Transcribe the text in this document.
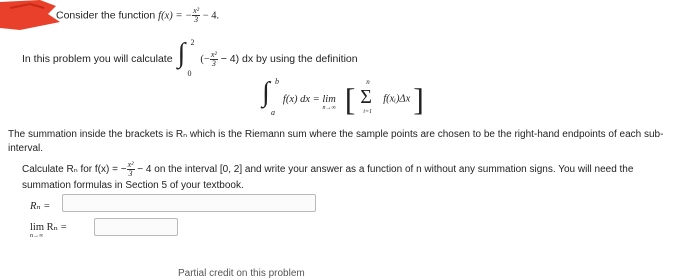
Consider the function f(x) = − $\frac{\text{x²}}{3} - 4$.
In this problem you will calculate ∫ 2
0
(− $\frac{\text{x²}}{3} - 4$) dx by using the definition
∫ b
a
f(x) dx = lim
n→∞ [ Σ
n
i=1
f(xᵢ)Δx ]
The summation inside the brackets is Rₙ which is the Riemann sum where the sample points are chosen to be the right-hand endpoints of each sub-interval.
Calculate Rₙ for f(x) = − $\frac{\text{x²}}{3} - 4$ on the interval [0, 2] and write your answer as a function of n without any summation signs. You will need the
summation formulas in Section 5 of your textbook.
Rₙ =
lim Rₙ =
n→∞
Partial credit on this problem
